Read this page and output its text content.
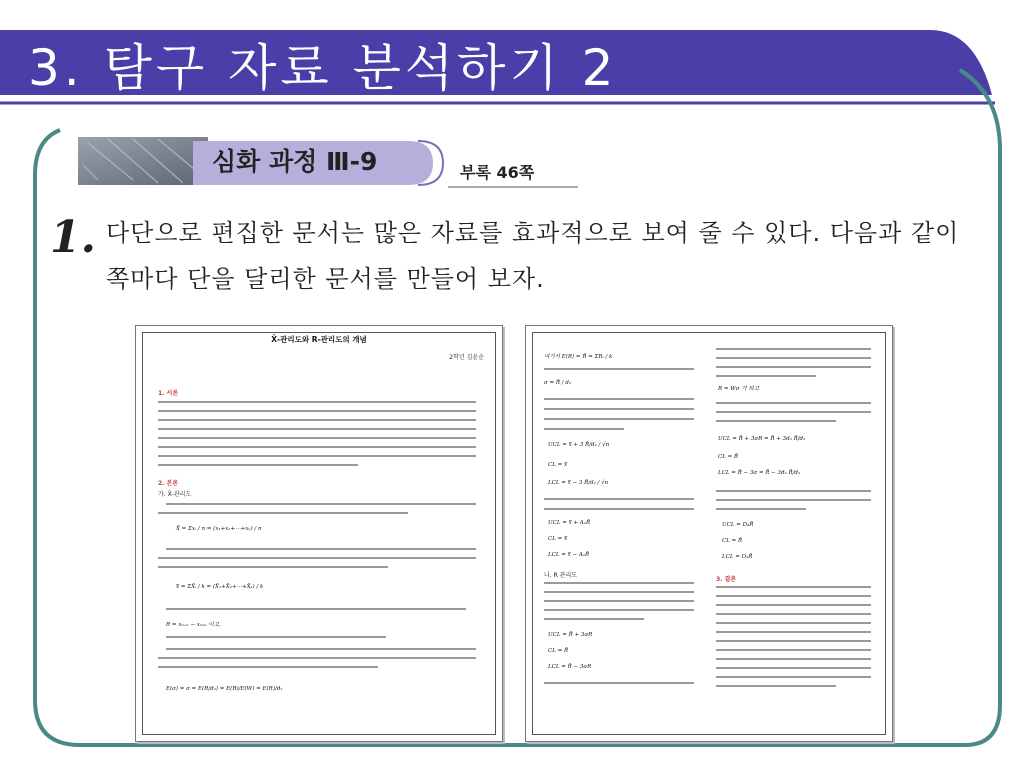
3. 탐구 자료 분석하기 2
심화 과정 Ⅲ-9	부록 46쪽
1. 다단으로 편집한 문서는 많은 자료를 효과적으로 보여 줄 수 있다. 다음과 같이 쪽마다 단을 달리한 문서를 만들어 보자.
X̄-관리도와 R-관리도의 개념
2학년 김윤순
1. 서론
2. 본론
가. X̄-관리도
X̄ = Σxᵢ / n = (x₁+x₂+⋯+xₙ) / n
x̿ = ΣX̄ᵢ / k = (X̄₁+X̄₂+⋯+X̄ₖ) / k
R = xₘₐₓ − xₘᵢₙ 이고,
E(σ) = σ = E(R/d₂) = E(R)/E(W) = E(R)/d₂
여기서 E(R) = R̄ = ΣRᵢ / k
σ = R̄ / d₂
UCL = x̿ + 3 R̄/d₂ / √n
CL = x̿
LCL = x̿ − 3 R̄/d₂ / √n
UCL = x̿ + A₂R̄
CL = x̿
LCL = x̿ − A₂R̄
나. R 관리도
UCL = R̄ + 3σR
CL = R̄
LCL = R̄ − 3σR
R = Wσ 가 되고
UCL = R̄ + 3σR = R̄ + 3d₃ R̄/d₂
CL = R̄
LCL = R̄ − 3σ = R̄ − 3d₃ R̄/d₂
UCL = D₄R̄
CL = R̄
LCL = D₃R̄
3. 결론
